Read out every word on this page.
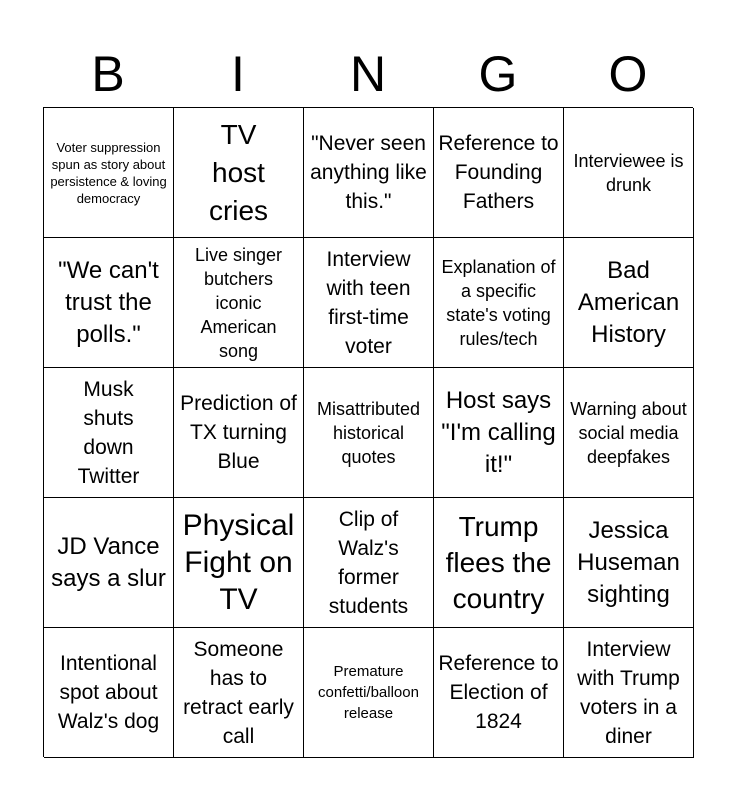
B	I	N	G	O
Voter suppression spun as story about persistence & loving democracy
TV host cries
"Never seen anything like this."
Reference to Founding Fathers
Interviewee is drunk
"We can't trust the polls."
Live singer butchers iconic American song
Interview with teen first-time voter
Explanation of a specific state's voting rules/tech
Bad American History
Musk shuts down Twitter
Prediction of TX turning Blue
Misattributed historical quotes
Host says "I'm calling it!"
Warning about social media deepfakes
JD Vance says a slur
Physical Fight on TV
Clip of Walz's former students
Trump flees the country
Jessica Huseman sighting
Intentional spot about Walz's dog
Someone has to retract early call
Premature confetti/balloon release
Reference to Election of 1824
Interview with Trump voters in a diner
